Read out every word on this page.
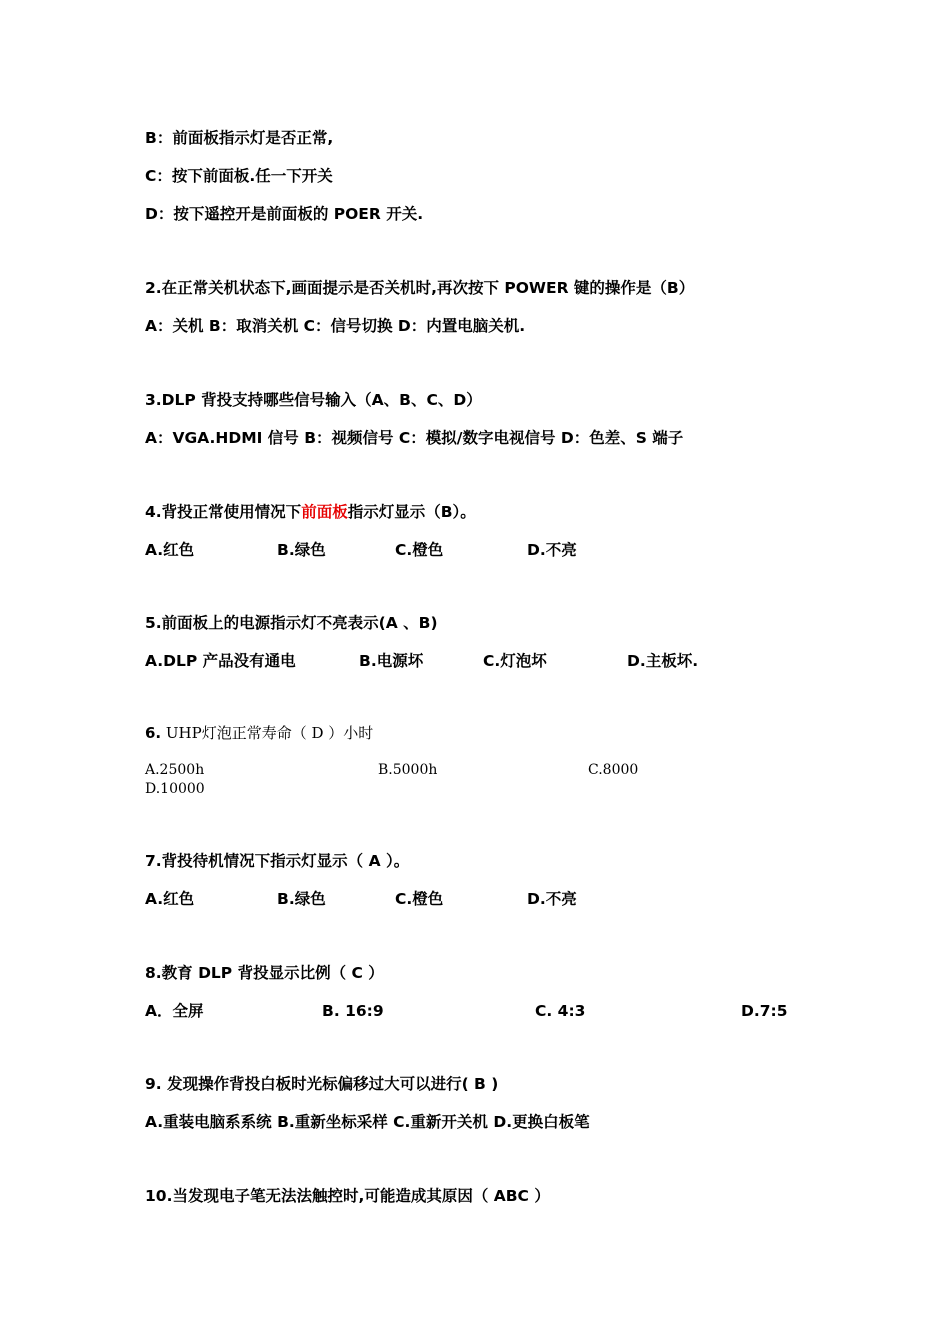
B：前面板指示灯是否正常,
C：按下前面板.任一下开关
D：按下遥控开是前面板的 POER 开关.
2.在正常关机状态下,画面提示是否关机时,再次按下 POWER 键的操作是（B）
A：关机 B：取消关机 C：信号切换 D：内置电脑关机.
3.DLP 背投支持哪些信号输入（A、B、C、D）
A：VGA.HDMI 信号 B：视频信号 C：模拟/数字电视信号 D：色差、S 端子
4.背投正常使用情况下前面板指示灯显示（B）。
A.红色	B.绿色	C.橙色	D.不亮
5.前面板上的电源指示灯不亮表示(A 、B)
A.DLP 产品没有通电	B.电源坏	C.灯泡坏	D.主板坏.
6. UHP灯泡正常寿命（ D ）小时
A.2500h	B.5000h	C.8000
D.10000
7.背投待机情况下指示灯显示（ A ）。
A.红色	B.绿色	C.橙色	D.不亮
8.教育 DLP 背投显示比例（ C ）
A．全屏	B. 16:9	C. 4:3	D.7:5
9. 发现操作背投白板时光标偏移过大可以进行( B )
A.重装电脑系系统 B.重新坐标采样 C.重新开关机 D.更换白板笔
10.当发现电子笔无法法触控时,可能造成其原因（ ABC ）
